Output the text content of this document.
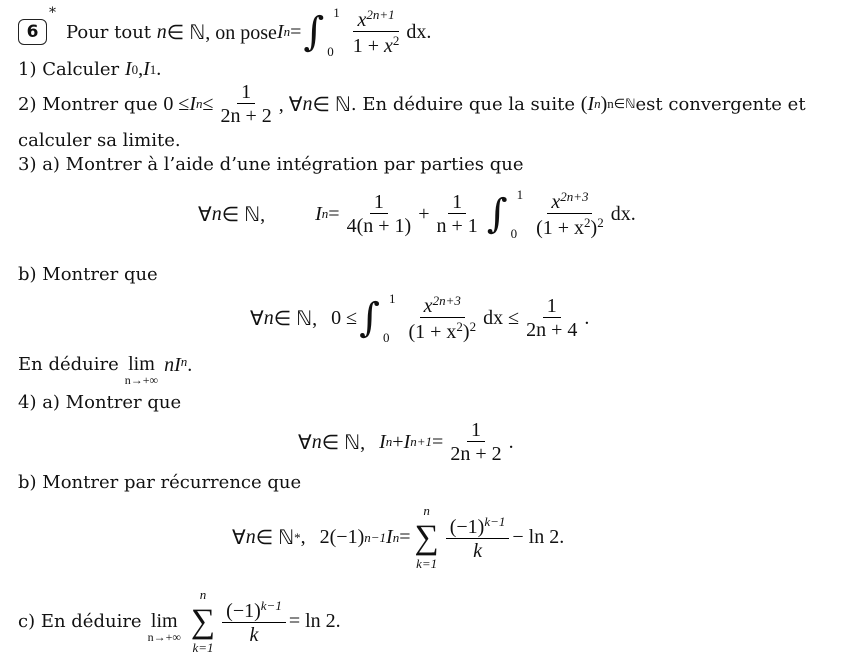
6
*
Pour tout
n ∈ ℕ, on pose I n = ∫ 1
$0 \frac{x^{2n+1}}{1 + x^2}$ dx.
1) Calculer
I 0 , I 1 .
2) Montrer que
0 ≤ I $n \le \frac{1}{2n + 2}$ , ∀ n ∈ ℕ . En déduire que la suite
( I n ) n∈ℕ est convergente et
calculer sa limite.
3) a) Montrer à l’aide d’une intégration par parties que
∀ n ∈ ℕ,	I $n = \frac{1}{4(n + 1)} + \frac{1}{n + 1}$ ∫ 1
$0 \frac{x^{2n+3}}{(1 + x^2)^2}$ dx.
b) Montrer que
∀ n ∈ ℕ, 0 ≤ ∫ 1
$0 \frac{x^{2n+3}}{(1 + x^2)^2}$ dx ≤ $\frac{1}{2n + 4}$ .
En déduire lim
n→+∞
nI n .
4) a) Montrer que
∀ n ∈ ℕ, I n + I $n+1 = \frac{1}{2n + 2}$ .
b) Montrer par récurrence que
∀ n ∈ ℕ * , 2(−1) n−1 I n =
n
∑
k=1
$\frac{(-1)^{k-1}}{k} - \ln 2$.
c) En déduire lim
n→+∞
n
∑
k=1
$\frac{(-1)^{k-1}}{k} = \ln 2$.
